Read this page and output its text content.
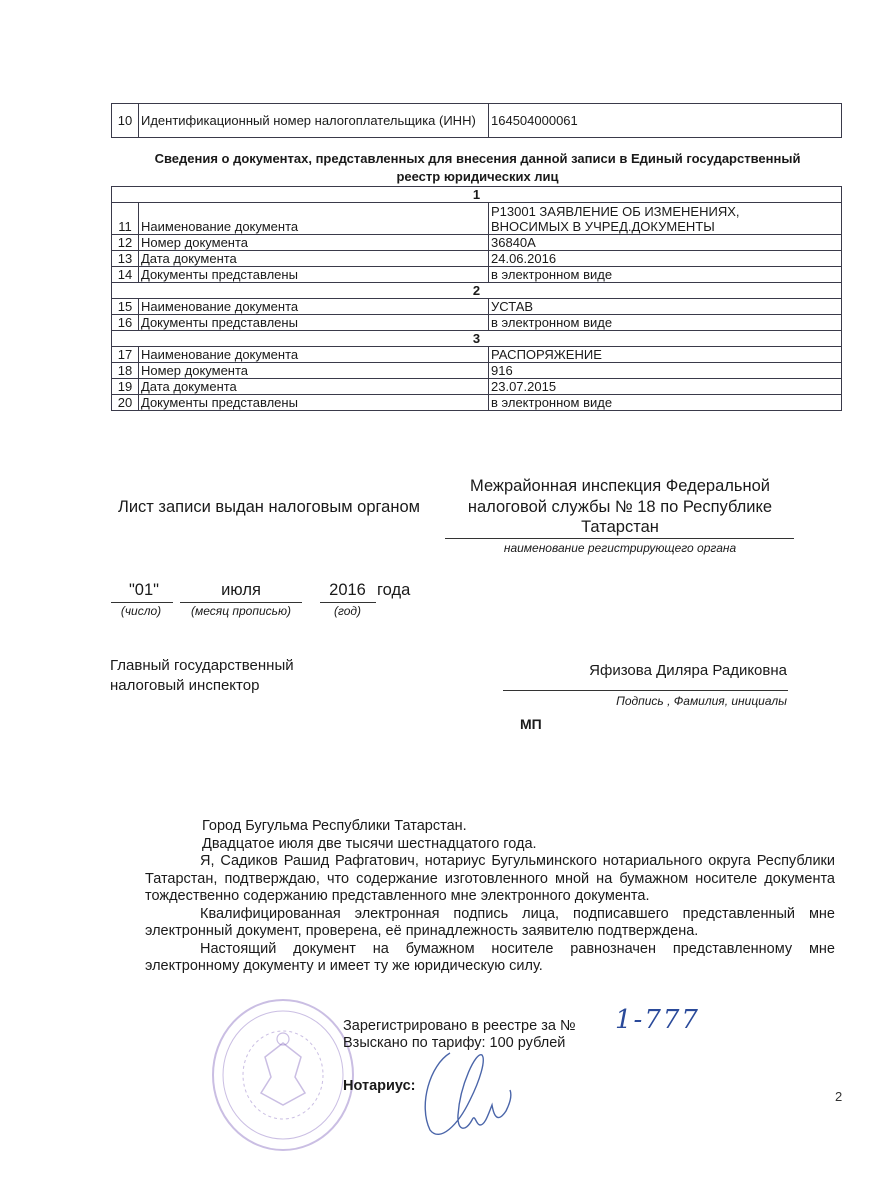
10	Идентификационный номер налогоплательщика (ИНН)	164504000061
Сведения о документах, представленных для внесения данной записи в Единый государственный
реестр юридических лиц
1		
11	Наименование документа	Р13001 ЗАЯВЛЕНИЕ ОБ ИЗМЕНЕНИЯХ,
ВНОСИМЫХ В УЧРЕД.ДОКУМЕНТЫ

12	Номер документа	36840А
13	Дата документа	24.06.2016
14	Документы представлены	в электронном виде
2		
15	Наименование документа	УСТАВ
16	Документы представлены	в электронном виде
3		
17	Наименование документа	РАСПОРЯЖЕНИЕ
18	Номер документа	916
19	Дата документа	23.07.2015
20	Документы представлены	в электронном виде
Лист записи выдан налоговым органом
Межрайонная инспекция Федеральной
налоговой службы № 18 по Республике
Татарстан
наименование регистрирующего органа
"01"
(число)
июля
(месяц прописью)
2016 года
(год)
Главный государственный
налоговый инспектор
Яфизова Диляра Радиковна
Подпись , Фамилия, инициалы
МП

Город Бугульма Республики Татарстан.

Двадцатое июля две тысячи шестнадцатого года.

Я, Садиков Рашид Рафгатович, нотариус Бугульминского нотариального округа Республики Татарстан, подтверждаю, что содержание изготовленного мной на бумажном носителе документа тождественно содержанию представленного мне электронного документа.

Квалифицированная электронная подпись лица, подписавшего представленный мне электронный документ, проверена, её принадлежность заявителю подтверждена.

Настоящий документ на бумажном носителе равнозначен представленному мне электронному документу и имеет ту же юридическую силу.

Зарегистрировано в реестре за №
Взыскано по тарифу: 100 рублей
1-777
Нотариус:
2
